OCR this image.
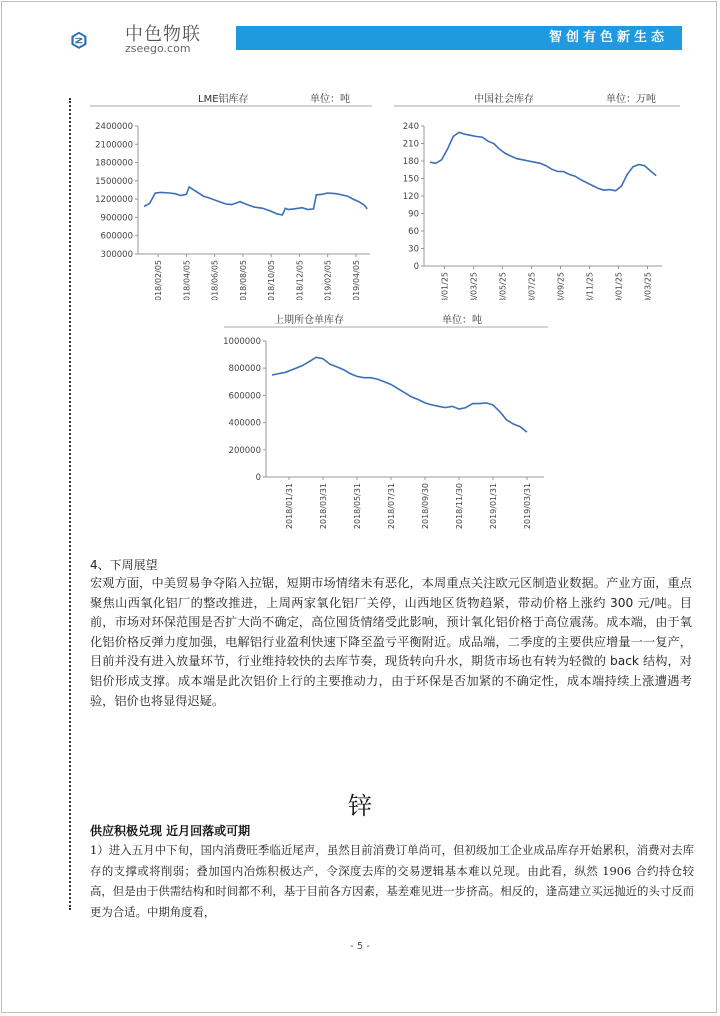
中色物联
zseego.com
智创有色新生态
LME铝库存	单位：吨
2400000
2100000
1800000
1500000
1200000
900000
600000
300000
2018/02/05 2018/04/05 2018/06/05 2018/08/05 2018/10/05 2018/12/05 2019/02/05 2019/04/05
中国社会库存	单位：万吨
240
210
180
150
120
90
60
30
0
2018/01/25	2018/03/25	2018/05/25	2018/07/25	2018/09/25	2018/11/25	2019/01/25	2019/03/25
上期所仓单库存	单位：吨
1000000
800000
600000
400000
200000
0
2018/01/31	2018/03/31	2018/05/31	2018/07/31	2018/09/30	2018/11/30	2019/01/31	2019/03/31
4、下周展望
宏观方面，中美贸易争夺陷入拉锯，短期市场情绪未有恶化，本周重点关注欧元区制造业数据。产业方面，重点聚焦山西氧化铝厂的整改推进，上周两家氧化铝厂关停，山西地区货物趋紧，带动价格上涨约 300 元/吨。目前，市场对环保范围是否扩大尚不确定，高位囤货情绪受此影响，预计氧化铝价格于高位震荡。成本端，由于氧化铝价格反弹力度加强，电解铝行业盈利快速下降至盈亏平衡附近。成品端，二季度的主要供应增量一一复产，目前并没有进入放量环节，行业维持较快的去库节奏，现货转向升水，期货市场也有转为轻微的 back 结构，对铝价形成支撑。成本端是此次铝价上行的主要推动力，由于环保是否加紧的不确定性，成本端持续上涨遭遇考验，铝价也将显得迟疑。
锌
供应积极兑现 近月回落或可期
1）进入五月中下旬，国内消费旺季临近尾声，虽然目前消费订单尚可，但初级加工企业成品库存开始累积，消费对去库存的支撑或将削弱；叠加国内冶炼积极达产，令深度去库的交易逻辑基本难以兑现。由此看，纵然 1906 合约持仓较高，但是由于供需结构和时间都不利，基于目前各方因素，基差难见进一步挤高。相反的，逢高建立买远抛近的头寸反而更为合适。中期角度看，
- 5 -
